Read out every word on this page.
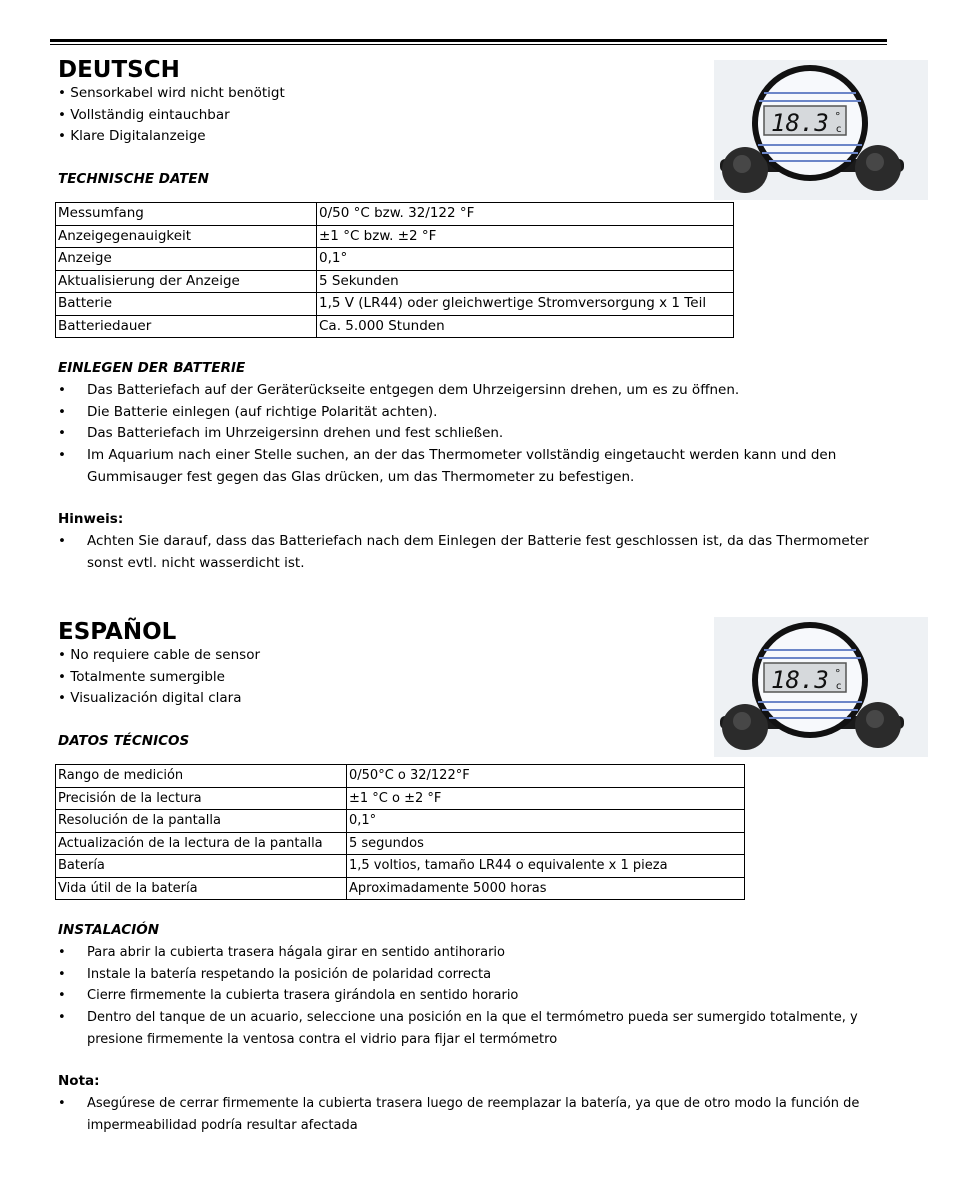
DEUTSCH
• Sensorkabel wird nicht benötigt
• Vollständig eintauchbar
• Klare Digitalanzeige
TECHNISCHE DATEN
Messumfang	0/50 °C bzw. 32/122 °F
Anzeigegenauigkeit	±1 °C bzw. ±2 °F
Anzeige	0,1°
Aktualisierung der Anzeige	5 Sekunden
Batterie	1,5 V (LR44) oder gleichwertige Stromversorgung x 1 Teil
Batteriedauer	Ca. 5.000 Stunden
EINLEGEN DER BATTERIE
• Das Batteriefach auf der Geräterückseite entgegen dem Uhrzeigersinn drehen, um es zu öffnen.
• Die Batterie einlegen (auf richtige Polarität achten).
• Das Batteriefach im Uhrzeigersinn drehen und fest schließen.
• Im Aquarium nach einer Stelle suchen, an der das Thermometer vollständig eingetaucht werden kann und den Gummisauger fest gegen das Glas drücken, um das Thermometer zu befestigen.
Hinweis:
• Achten Sie darauf, dass das Batteriefach nach dem Einlegen der Batterie fest geschlossen ist, da das Thermometer sonst evtl. nicht wasserdicht ist.
18.3 °
c
ESPAÑOL
• No requiere cable de sensor
• Totalmente sumergible
• Visualización digital clara
DATOS TÉCNICOS
Rango de medición	0/50°C o 32/122°F
Precisión de la lectura	±1 °C o ±2 °F
Resolución de la pantalla	0,1°
Actualización de la lectura de la pantalla	5 segundos
Batería	1,5 voltios, tamaño LR44 o equivalente x 1 pieza
Vida útil de la batería	Aproximadamente 5000 horas
INSTALACIÓN
• Para abrir la cubierta trasera hágala girar en sentido antihorario
• Instale la batería respetando la posición de polaridad correcta
• Cierre firmemente la cubierta trasera girándola en sentido horario
• Dentro del tanque de un acuario, seleccione una posición en la que el termómetro pueda ser sumergido totalmente, y presione firmemente la ventosa contra el vidrio para fijar el termómetro
Nota:
• Asegúrese de cerrar firmemente la cubierta trasera luego de reemplazar la batería, ya que de otro modo la función de impermeabilidad podría resultar afectada
18.3 °
c
